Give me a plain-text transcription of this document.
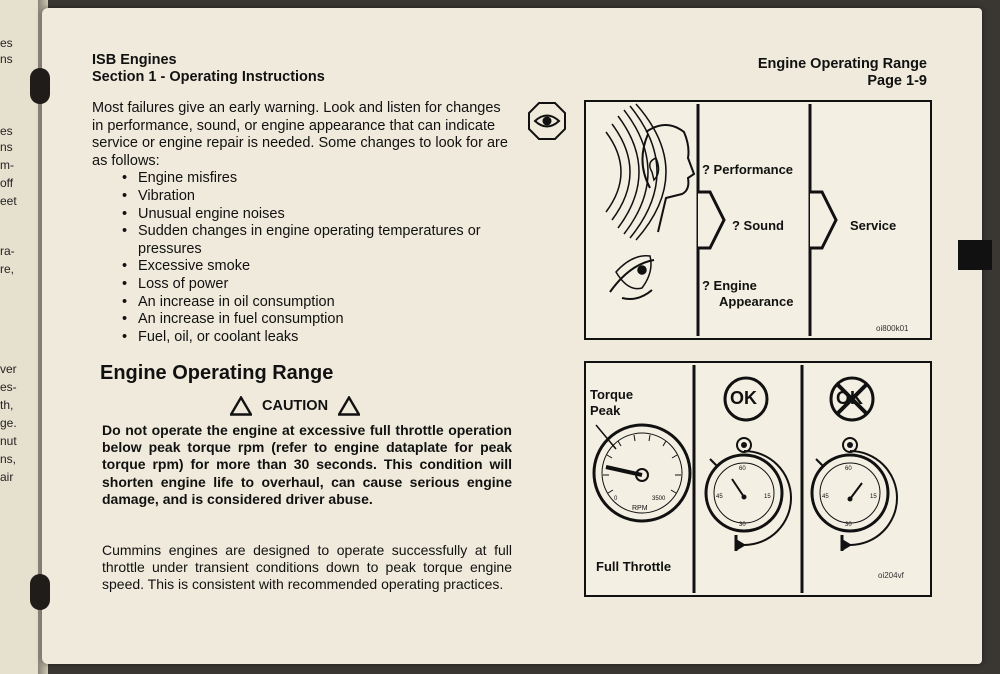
es
ns
es
ns
m-
off
eet
ra-
re,
ver
es-
th,
ge.
nut
ns,
air
ISB Engines
Section 1 - Operating Instructions
Engine Operating Range
Page 1-9
Most failures give an early warning. Look and listen for changes in performance, sound, or engine appearance that can indicate service or engine repair is needed. Some changes to look for are as follows:
• Engine misfires
• Vibration
• Unusual engine noises
• Sudden changes in engine operating temperatures or pressures
• Excessive smoke
• Loss of power
• An increase in oil consumption
• An increase in fuel consumption
• Fuel, oil, or coolant leaks
? Performance
? Sound
? Engine
Appearance
Service
oi800k01
Engine Operating Range
CAUTION
Do not operate the engine at excessive full throttle operation below peak torque rpm (refer to engine dataplate for peak torque rpm) for more than 30 seconds. This condition will shorten engine life to overhaul, can cause serious engine damage, and is considered driver abuse.
Cummins engines are designed to operate successfully at full throttle under transient conditions down to peak torque engine speed. This is consistent with recommended operating practices.
Torque
Peak
0	3500
RPM
Full Throttle
OK	OK
60
15
45
30
60
15
45
30
oi204vf
